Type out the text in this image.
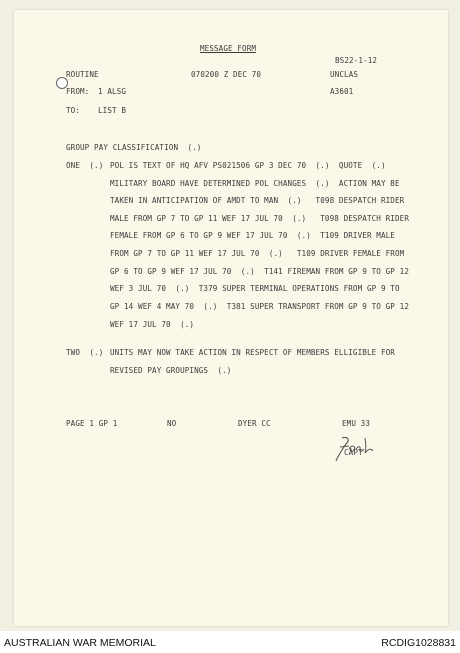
MESSAGE FORM
BS22-1-12
ROUTINE	070200 Z DEC 70	UNCLAS
FROM: 1 ALSG	A3601
TO: LIST B
GROUP PAY CLASSIFICATION  (.)
ONE  (.) POL IS TEXT OF HQ AFV PS021506 GP 3 DEC 70  (.)  QUOTE  (.)
MILITARY BOARD HAVE DETERMINED POL CHANGES  (.)  ACTION MAY BE
TAKEN IN ANTICIPATION OF AMDT TO MAN  (.)   T098 DESPATCH RIDER
MALE FROM GP 7 TO GP 11 WEF 17 JUL 70  (.)   T098 DESPATCH RIDER
FEMALE FROM GP 6 TO GP 9 WEF 17 JUL 70  (.)  T109 DRIVER MALE
FROM GP 7 TO GP 11 WEF 17 JUL 70  (.)   T109 DRIVER FEMALE FROM
GP 6 TO GP 9 WEF 17 JUL 70  (.)  T141 FIREMAN FROM GP 9 TO GP 12
WEF 3 JUL 70  (.)  T379 SUPER TERMINAL OPERATIONS FROM GP 9 TO
GP 14 WEF 4 MAY 70  (.)  T381 SUPER TRANSPORT FROM GP 9 TO GP 12
WEF 17 JUL 70  (.)
TWO  (.) UNITS MAY NOW TAKE ACTION IN RESPECT OF MEMBERS ELLIGIBLE FOR
REVISED PAY GROUPINGS  (.)
PAGE 1 GP 1	NO	DYER CC	EMU 33
CAPT
AUSTRALIAN WAR MEMORIAL	RCDIG1028831
